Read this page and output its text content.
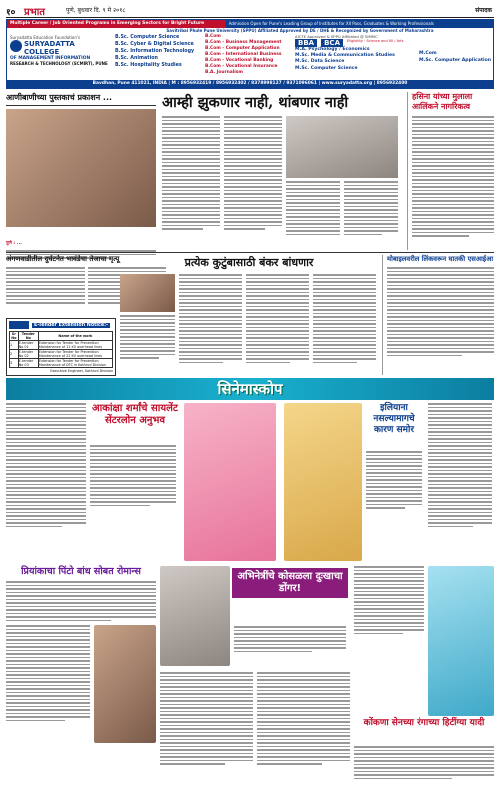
१० प्रभात	पुणे, बुधवार दि. ९ मे २०१८	संपादक
Multiple Career / Job Oriented Programs in Emerging Sectors for Bright Future	Admission Open for Pune's Leading Group of Institutes for XII Pass, Graduates & Working Professionals
Savitribai Phule Pune University (SPPU) Affiliated Approved by DE / DHE & Recognized by Government of Maharashtra
Suryadatta Education Foundation's
SURYADATTA COLLEGE
OF MANAGEMENT INFORMATION
RESEARCH & TECHNOLOGY (SCMIRT), PUNE
B.Sc. Computer Science
B.Sc. Cyber & Digital Science
B.Sc. Information Technology
B.Sc. Animation
B.Sc. Hospitality Studies
B.Com
B.Com - Business Management
B.Com - Computer Application
B.Com - International Business
B.Com - Vocational Banking
B.Com - Vocational Insurance
B.A. Journalism
AICTE Approved & SPPU Affiliated @ SIMMC
BBA	BCA	Eligibility : Science and XII / Arts
M.A. Psychology / Economics
M.Sc. Media & Communication Studies
M.Sc. Data Science
M.Sc. Computer Science
M.Com
M.Sc. Computer Application
Bavdhan, Pune 411021, INDIA | M : 8956932419 / 8956932402 / 8378998127 / 9371096061 | www.suryadatta.org | 8956932400
आणीबाणीच्या पुस्तकाचं प्रकाशन ...
पुणे : ...
आम्ही झुकणार नाही, थांबणार नाही	हसिना यांच्या मुलाला आलिंकने नागरिकत्व
अंगणवाडीतील दुर्घटनेत भावंडेचा तेजाचा मृत्यू
E-Tender Extension Notice:-
Sr No	Tender No	Name of the work
1	E-tender No 01	Extension for Tender for Prevention Maintenance of 11 KV overhead lines
2	E-tender No 02	Extension for Tender for Prevention Maintenance of 22 KV overhead lines
3	E-tender No 03	Extension for Tender for Prevention Maintenance of DTC in Kothrud Division
Executive Engineer, Kothrud Division
प्रत्येक कुटुंबासाठी बंकर बांधणार	मोबाइलवरील लिंकवरून घातकी एसआईआ
सिनेमास्कोप
आकांक्षा शर्मांचे सायलेंट सेंटरलोन अनुभव
इलियाना नसल्यामागचे कारण समोर
प्रियांकाचा पिंटो बांध सोबत रोमान्स	अभिनेत्रींचे कोसळला दुःखाचा डोंगर!
कोंकणा सेनच्या रंगाच्या हिटींग्या यादी
